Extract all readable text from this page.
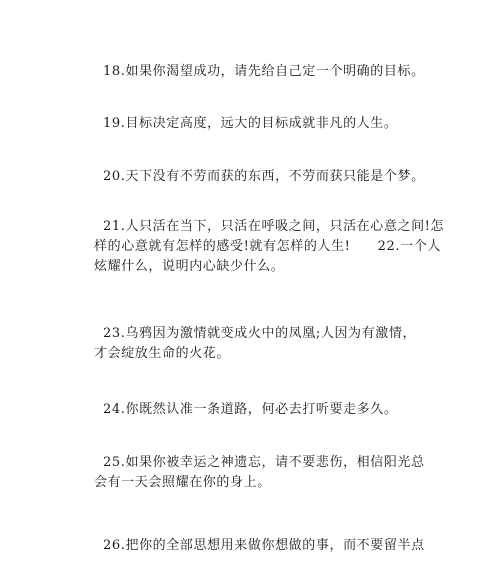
18.如果你渴望成功，请先给自己定一个明确的目标。

19.目标决定高度，远大的目标成就非凡的人生。

20.天下没有不劳而获的东西，不劳而获只能是个梦。

21.人只活在当下，只活在呼吸之间，只活在心意之间!怎
样的心意就有怎样的感受!就有怎样的人生!　　22.一个人
炫耀什么，说明内心缺少什么。

23.乌鸦因为激情就变成火中的凤凰;人因为有激情，
才会绽放生命的火花。

24.你既然认准一条道路，何必去打听要走多久。

25.如果你被幸运之神遗忘，请不要悲伤，相信阳光总
会有一天会照耀在你的身上。

26.把你的全部思想用来做你想做的事，而不要留半点
